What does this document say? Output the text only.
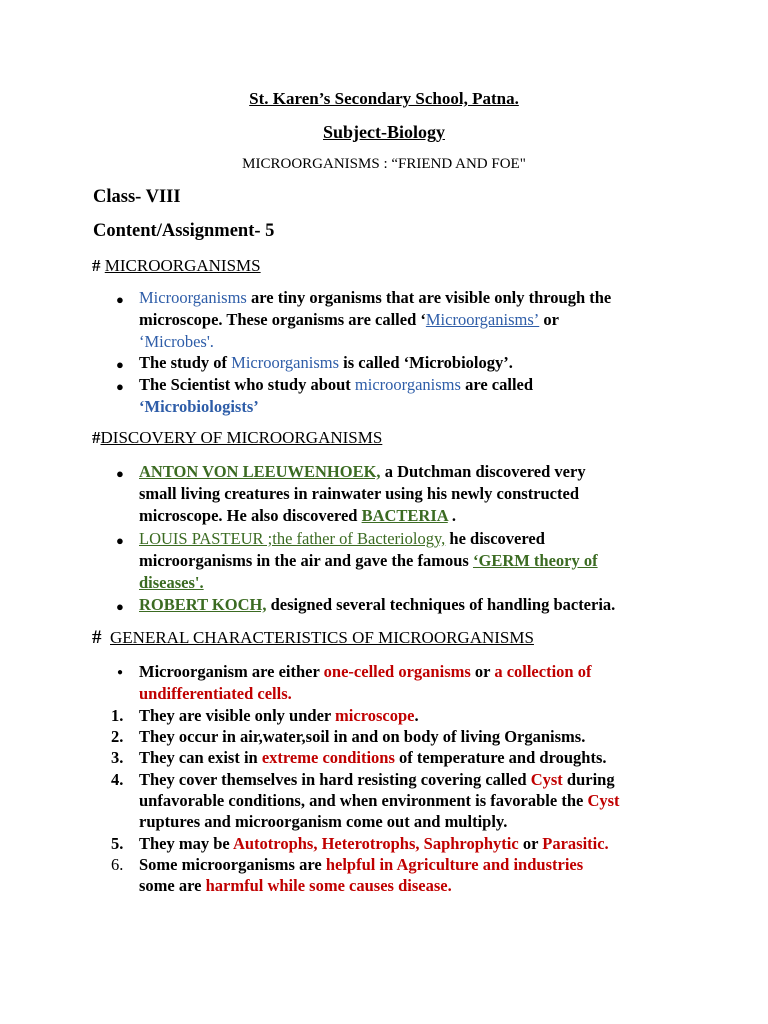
St. Karen’s Secondary School, Patna.
Subject-Biology
MICROORGANISMS : “FRIEND AND FOE"
Class- VIII
Content/Assignment- 5
# MICROORGANISMS
● Microorganisms are tiny organisms that are visible only through the
microscope. These organisms are called ‘Microorganisms’ or
‘Microbes'.
● The study of Microorganisms is called ‘Microbiology’.
● The Scientist who study about microorganisms are called
‘Microbiologists’
#DISCOVERY OF MICROORGANISMS
● ANTON VON LEEUWENHOEK, a Dutchman discovered very
small living creatures in rainwater using his newly constructed
microscope. He also discovered BACTERIA .
● LOUIS PASTEUR ;the father of Bacteriology, he discovered
microorganisms in the air and gave the famous ‘GERM theory of
diseases'.
● ROBERT KOCH, designed several techniques of handling bacteria.
# GENERAL CHARACTERISTICS OF MICROORGANISMS
● Microorganism are either one-celled organisms or a collection of
undifferentiated cells.
1. They are visible only under microscope.
2. They occur in air,water,soil in and on body of living Organisms.
3. They can exist in extreme conditions of temperature and droughts.
4. They cover themselves in hard resisting covering called Cyst during
unfavorable conditions, and when environment is favorable the Cyst
ruptures and microorganism come out and multiply.
5. They may be Autotrophs, Heterotrophs, Saphrophytic or Parasitic.
6. Some microorganisms are helpful in Agriculture and industries
some are harmful while some causes disease.
